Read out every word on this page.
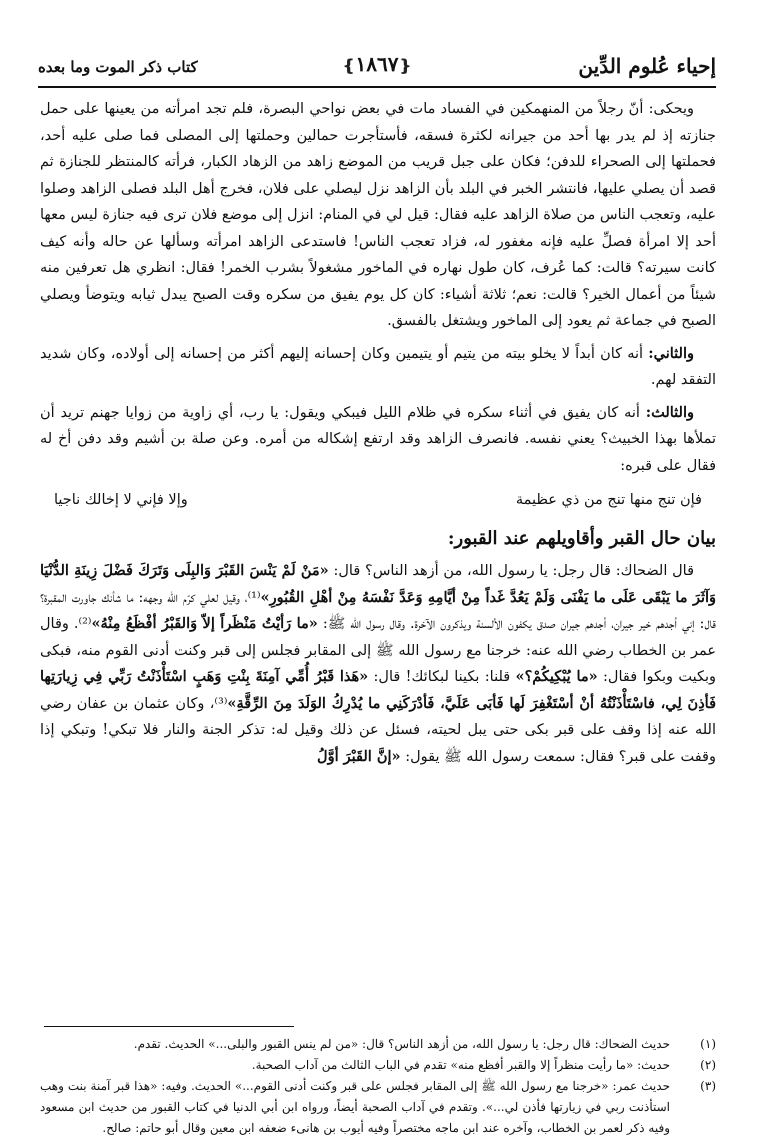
إحياء عُلوم الدِّين
❴١٨٦٧❵
كتاب ذكر الموت وما بعده

ويحكى: أنّ رجلاً من المنهمكين في الفساد مات في بعض نواحي البصرة، فلم تجد امرأته من يعينها على حمل جنازته إذ لم يدر بها أحد من جيرانه لكثرة فسقه، فأستأجرت حمالين وحملتها إلى المصلى فما صلى عليه أحد، فحملتها إلى الصحراء للدفن؛ فكان على جبل قريب من الموضع زاهد من الزهاد الكبار، فرأته كالمنتظر للجنازة ثم قصد أن يصلي عليها، فانتشر الخبر في البلد بأن الزاهد نزل ليصلي على فلان، فخرج أهل البلد فصلى الزاهد وصلوا عليه، وتعجب الناس من صلاة الزاهد عليه فقال: قيل لي في المنام: انزل إلى موضع فلان ترى فيه جنازة ليس معها أحد إلا امرأة فصلِّ عليه فإنه مغفور له، فزاد تعجب الناس! فاستدعى الزاهد امرأته وسألها عن حاله وأنه كيف كانت سيرته؟ قالت: كما عُرف، كان طول نهاره في الماخور مشغولاً بشرب الخمر! فقال: انظري هل تعرفين منه شيئاً من أعمال الخير؟ قالت: نعم؛ ثلاثة أشياء: كان كل يوم يفيق من سكره وقت الصبح يبدل ثيابه ويتوضأ ويصلي الصبح في جماعة ثم يعود إلى الماخور ويشتغل بالفسق.

والثاني: أنه كان أبداً لا يخلو بيته من يتيم أو يتيمين وكان إحسانه إليهم أكثر من إحسانه إلى أولاده، وكان شديد التفقد لهم.

والثالث: أنه كان يفيق في أثناء سكره في ظلام الليل فيبكي ويقول: يا رب، أي زاوية من زوايا جهنم تريد أن تملأها بهذا الخبيث؟ يعني نفسه. فانصرف الزاهد وقد ارتفع إشكاله من أمره. وعن صلة بن أشيم وقد دفن أخ له فقال على قبره:

فإن تنج منها تنج من ذي عظيمة
وإلا فإني لا إخالك ناجيا
بيان حال القبر وأقاويلهم عند القبور:

قال الضحاك: قال رجل: يا رسول الله، من أزهد الناس؟ قال: «مَنْ لَمْ يَنْسَ القَبْرَ وَالبِلَى وَتَرَكَ فَضْلَ زِينَةِ الدُّنْيَا وَآثَرَ ما يَبْقَى عَلَى ما يَفْنَى وَلَمْ يَعُدَّ غَداً مِنْ أيَّامِهِ وَعَدَّ نَفْسَهُ مِنْ أهْلِ القُبُورِ»⁽¹⁾، وقيل لعلي كرّم الله وجهه: ما شأنك جاورت المقبرة؟ قال: إني أجدهم خير جيران، أجدهم جيران صدق يكفون الألسنة ويذكرون الآخرة. وقال رسول الله ﷺ: «ما رَأيْتُ مَنْظَراً إلاّ وَالقَبْرُ أفْظَعُ مِنْهُ»⁽²⁾. وقال عمر بن الخطاب رضي الله عنه: خرجنا مع رسول الله ﷺ إلى المقابر فجلس إلى قبر وكنت أدنى القوم منه، فبكى وبكيت وبكوا فقال: «ما يُبْكِيكُمْ؟» قلنا: بكينا لبكائك! قال: «هَذا قَبْرُ أُمِّي آمِنَةَ بِنْتِ وَهَبٍ اسْتَأْذَنْتُ رَبِّي فِي زِيارَتِها فَأذِنَ لِي، فاسْتَأْذَنْتُهُ أنْ أسْتَغْفِرَ لَها فَأبَى عَلَيَّ، فَأدْرَكَنِي ما يُدْرِكُ الوَلَدَ مِنَ الرِّقَّةِ»⁽³⁾، وكان عثمان بن عفان رضي الله عنه إذا وقف على قبر بكى حتى يبل لحيته، فسئل عن ذلك وقيل له: تذكر الجنة والنار فلا تبكي! وتبكي إذا وقفت على قبر؟ فقال: سمعت رسول الله ﷺ يقول: «إنَّ القَبْرَ أوَّلُ

(١)
حديث الضحاك: قال رجل: يا رسول الله، من أزهد الناس؟ قال: «من لم ينس القبور والبلى...» الحديث. تقدم.
(٢)
حديث: «ما رأيت منظراً إلا والقبر أفظع منه» تقدم في الباب الثالث من آداب الصحبة.
(٣)
حديث عمر: «خرجنا مع رسول الله ﷺ إلى المقابر فجلس على قبر وكنت أدنى القوم...» الحديث. وفيه: «هذا قبر آمنة بنت وهب استأذنت ربي في زيارتها فأذن لي...». وتقدم في آداب الصحبة أيضاً، ورواه ابن أبي الدنيا في كتاب القبور من حديث ابن مسعود وفيه ذكر لعمر بن الخطاب، وآخره عند ابن ماجه مختصراً وفيه أيوب بن هانىء ضعفه ابن معين وقال أبو حاتم: صالح.
